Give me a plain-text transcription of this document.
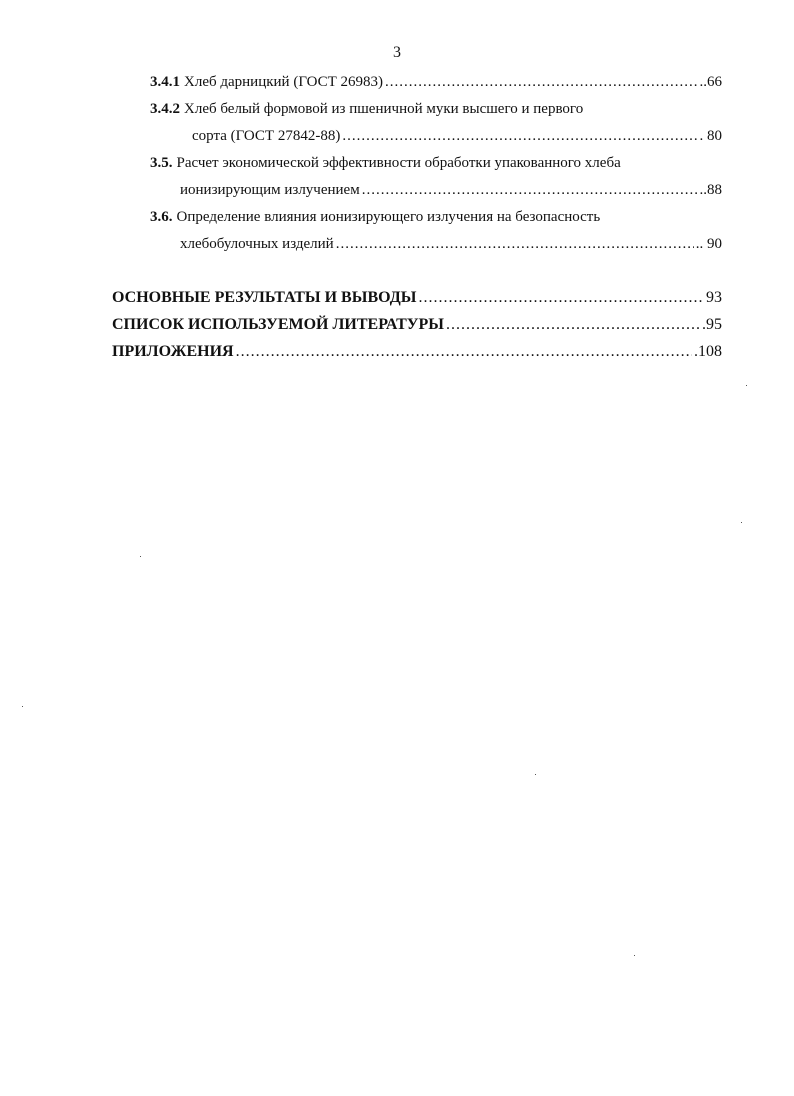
3
3.4.1 Хлеб дарницкий (ГОСТ 26983) .....	..66
3.4.2 Хлеб белый формовой из пшеничной муки высшего и первого
сорта (ГОСТ 27842-88) .....	. 80
3.5. Расчет экономической эффективности обработки упакованного хлеба
ионизирующим излучением .....	..88
3.6. Определение влияния ионизирующего излучения на безопасность
хлебобулочных изделий .....	.. 90
ОСНОВНЫЕ РЕЗУЛЬТАТЫ И ВЫВОДЫ .....	93
СПИСОК ИСПОЛЬЗУЕМОЙ ЛИТЕРАТУРЫ .....	.95
ПРИЛОЖЕНИЯ .....	.108
